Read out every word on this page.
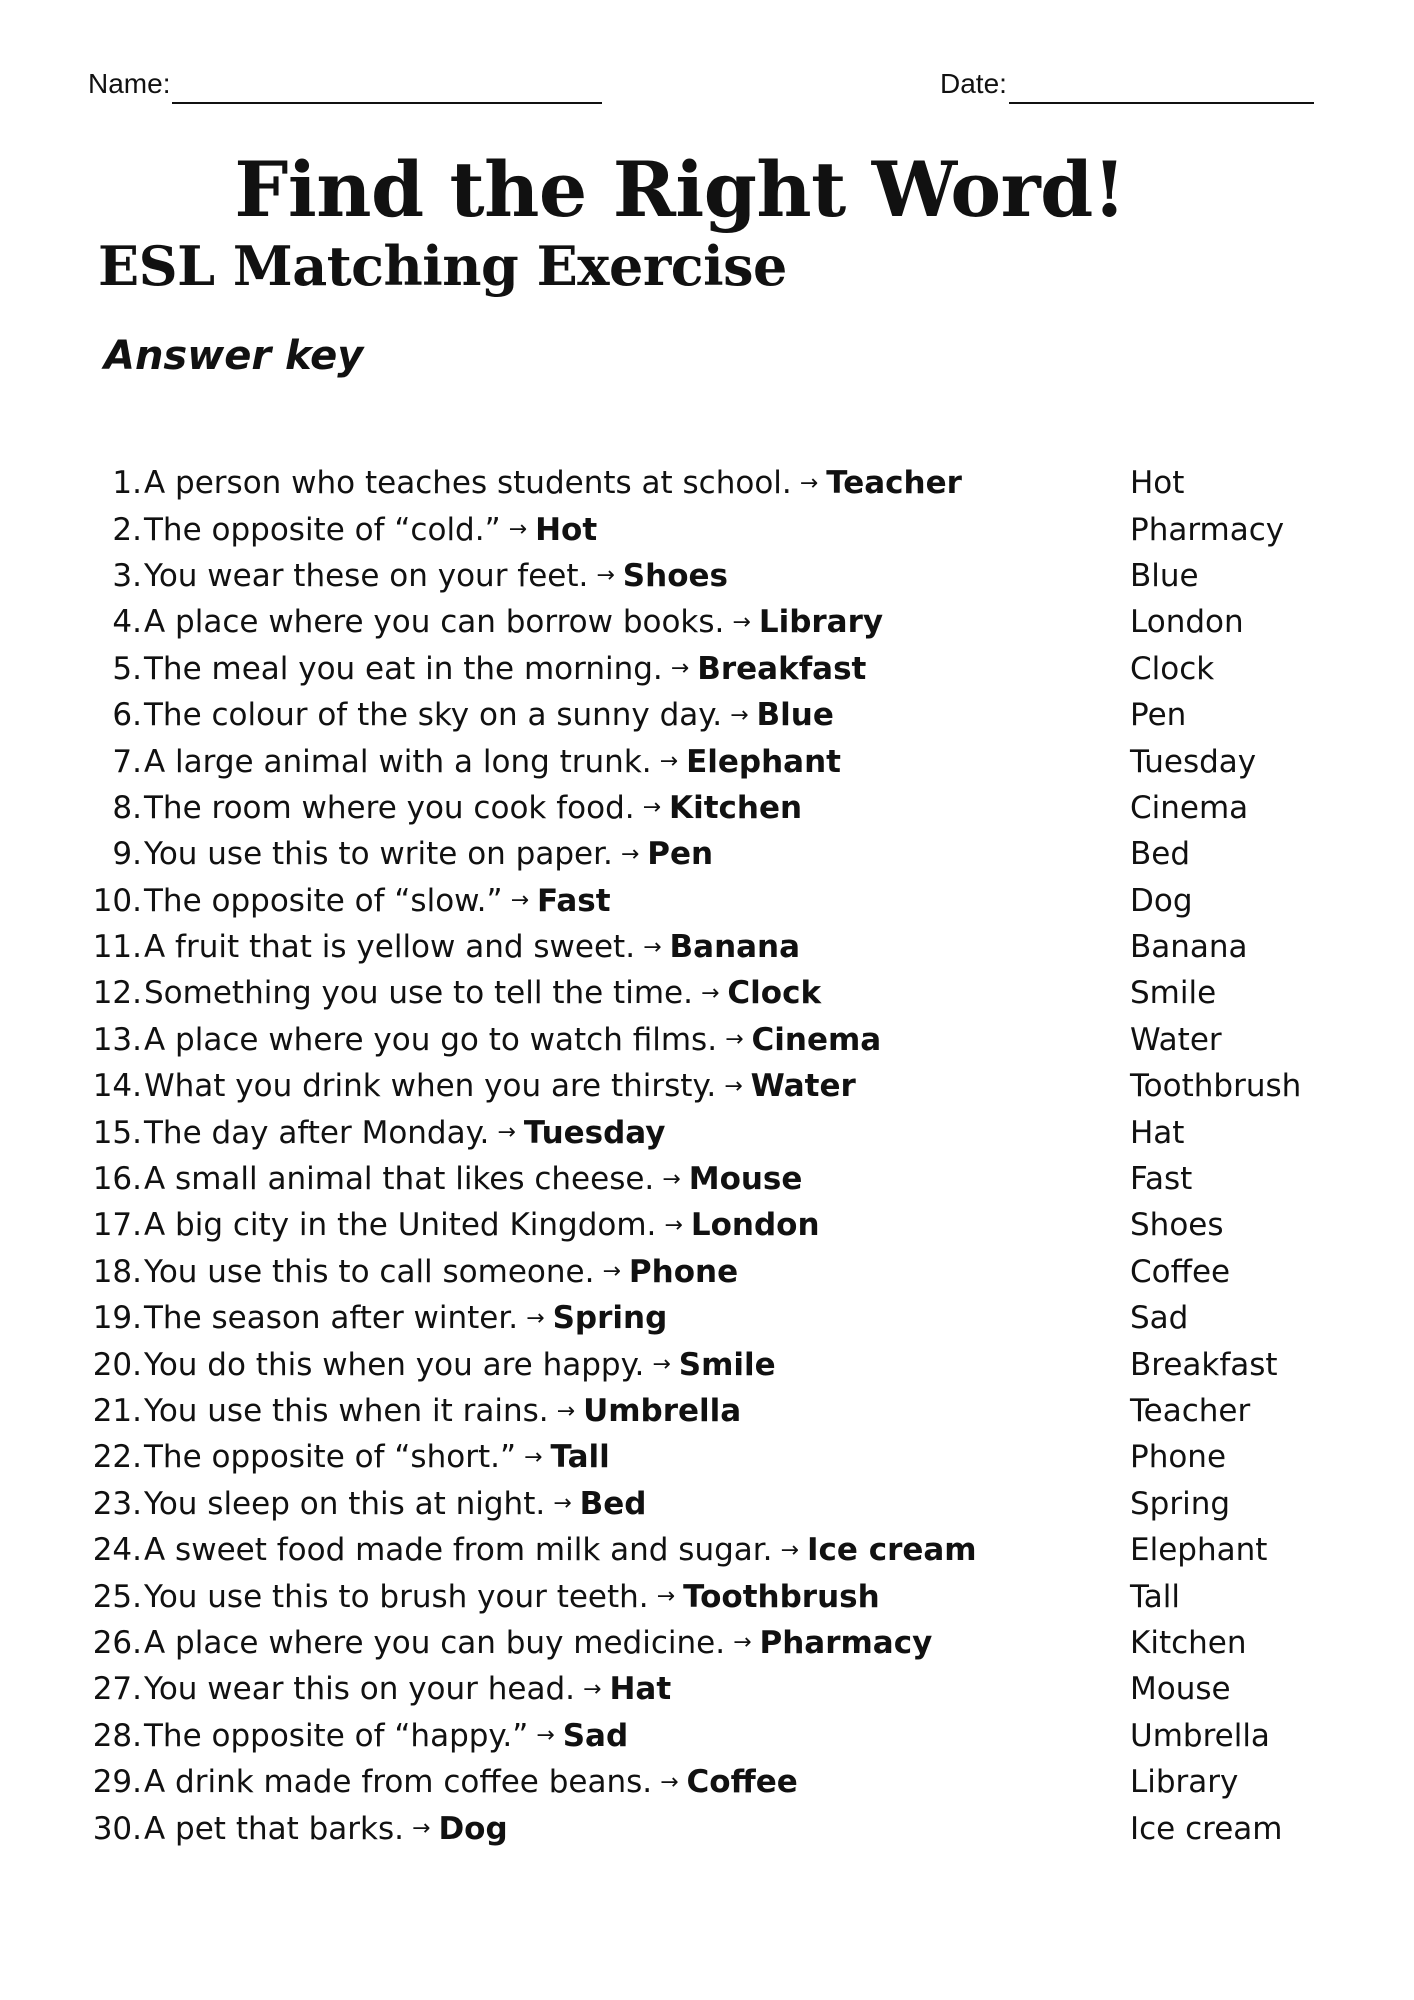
Name:	Date:
Find the Right Word!
ESL Matching Exercise
Answer key
1. A person who teaches students at school. → Teacher
2. The opposite of “cold.” → Hot
3. You wear these on your feet. → Shoes
4. A place where you can borrow books. → Library
5. The meal you eat in the morning. → Breakfast
6. The colour of the sky on a sunny day. → Blue
7. A large animal with a long trunk. → Elephant
8. The room where you cook food. → Kitchen
9. You use this to write on paper. → Pen
10. The opposite of “slow.” → Fast
11. A fruit that is yellow and sweet. → Banana
12. Something you use to tell the time. → Clock
13. A place where you go to watch films. → Cinema
14. What you drink when you are thirsty. → Water
15. The day after Monday. → Tuesday
16. A small animal that likes cheese. → Mouse
17. A big city in the United Kingdom. → London
18. You use this to call someone. → Phone
19. The season after winter. → Spring
20. You do this when you are happy. → Smile
21. You use this when it rains. → Umbrella
22. The opposite of “short.” → Tall
23. You sleep on this at night. → Bed
24. A sweet food made from milk and sugar. → Ice cream
25. You use this to brush your teeth. → Toothbrush
26. A place where you can buy medicine. → Pharmacy
27. You wear this on your head. → Hat
28. The opposite of “happy.” → Sad
29. A drink made from coffee beans. → Coffee
30. A pet that barks. → Dog
Hot
Pharmacy
Blue
London
Clock
Pen
Tuesday
Cinema
Bed
Dog
Banana
Smile
Water
Toothbrush
Hat
Fast
Shoes
Coffee
Sad
Breakfast
Teacher
Phone
Spring
Elephant
Tall
Kitchen
Mouse
Umbrella
Library
Ice cream
